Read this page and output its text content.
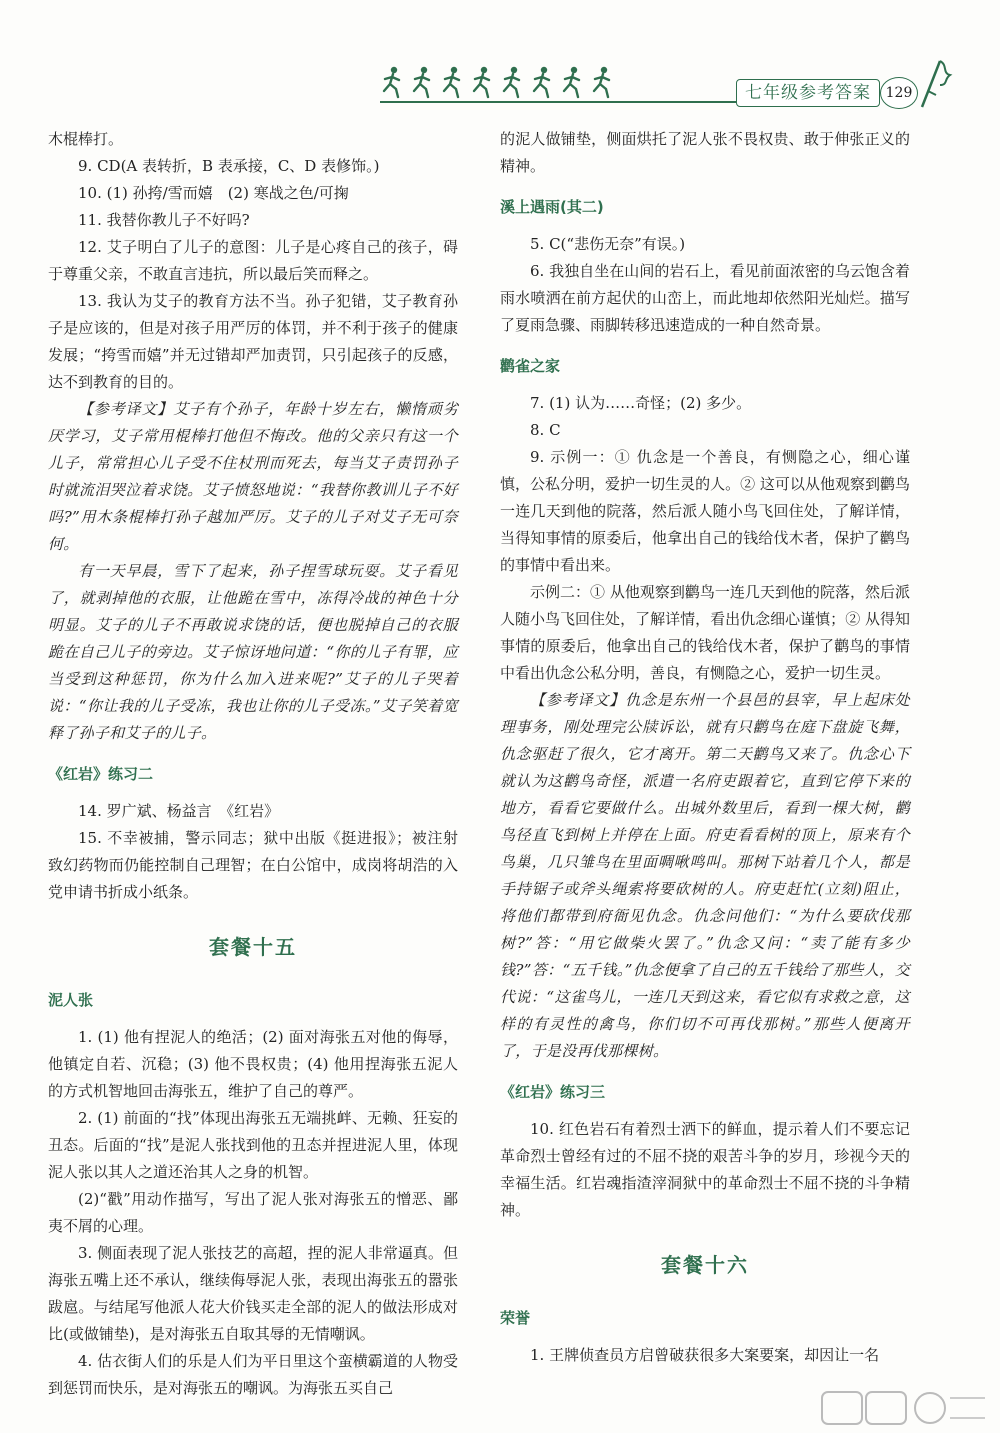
七年级参考答案	129

木棍棒打。

9. CD(A 表转折，B 表承接，C、D 表修饰。)

10. (1) 孙挎/雪而嬉　(2) 寒战之色/可掬

11. 我替你教儿子不好吗?

12. 艾子明白了儿子的意图：儿子是心疼自己的孩子，碍于尊重父亲，不敢直言违抗，所以最后笑而释之。

13. 我认为艾子的教育方法不当。孙子犯错，艾子教育孙子是应该的，但是对孩子用严厉的体罚，并不利于孩子的健康发展；“挎雪而嬉”并无过错却严加责罚，只引起孩子的反感，达不到教育的目的。

【参考译文】艾子有个孙子，年龄十岁左右，懒惰顽劣厌学习，艾子常用棍棒打他但不悔改。他的父亲只有这一个儿子，常常担心儿子受不住杖刑而死去，每当艾子责罚孙子时就流泪哭泣着求饶。艾子愤怒地说：“我替你教训儿子不好吗?”用木条棍棒打孙子越加严厉。艾子的儿子对艾子无可奈何。

有一天早晨，雪下了起来，孙子捏雪球玩耍。艾子看见了，就剥掉他的衣服，让他跪在雪中，冻得冷战的神色十分明显。艾子的儿子不再敢说求饶的话，便也脱掉自己的衣服跪在自己儿子的旁边。艾子惊讶地问道：“你的儿子有罪，应当受到这种惩罚，你为什么加入进来呢?”艾子的儿子哭着说：“你让我的儿子受冻，我也让你的儿子受冻。”艾子笑着宽释了孙子和艾子的儿子。

《红岩》练习二

14. 罗广斌、杨益言　《红岩》

15. 不幸被捕，警示同志；狱中出版《挺进报》；被注射致幻药物而仍能控制自己理智；在白公馆中，成岗将胡浩的入党申请书折成小纸条。

套餐十五
泥人张

1. (1) 他有捏泥人的绝活；(2) 面对海张五对他的侮辱，他镇定自若、沉稳；(3) 他不畏权贵；(4) 他用捏海张五泥人的方式机智地回击海张五，维护了自己的尊严。

2. (1) 前面的“找”体现出海张五无端挑衅、无赖、狂妄的丑态。后面的“找”是泥人张找到他的丑态并捏进泥人里，体现泥人张以其人之道还治其人之身的机智。

(2)“戳”用动作描写，写出了泥人张对海张五的憎恶、鄙夷不屑的心理。

3. 侧面表现了泥人张技艺的高超，捏的泥人非常逼真。但海张五嘴上还不承认，继续侮辱泥人张，表现出海张五的嚣张跋扈。与结尾写他派人花大价钱买走全部的泥人的做法形成对比(或做铺垫)，是对海张五自取其辱的无情嘲讽。

4. 估衣街人们的乐是人们为平日里这个蛮横霸道的人物受到惩罚而快乐，是对海张五的嘲讽。为海张五买自己

的泥人做铺垫，侧面烘托了泥人张不畏权贵、敢于伸张正义的精神。

溪上遇雨(其二)

5. C(“悲伤无奈”有误。)

6. 我独自坐在山间的岩石上，看见前面浓密的乌云饱含着雨水喷洒在前方起伏的山峦上，而此地却依然阳光灿烂。描写了夏雨急骤、雨脚转移迅速造成的一种自然奇景。

鹳雀之家

7. (1) 认为……奇怪；(2) 多少。

8. C

9. 示例一：① 仇念是一个善良，有恻隐之心，细心谨慎，公私分明，爱护一切生灵的人。② 这可以从他观察到鹳鸟一连几天到他的院落，然后派人随小鸟飞回住处，了解详情，当得知事情的原委后，他拿出自己的钱给伐木者，保护了鹳鸟的事情中看出来。

示例二：① 从他观察到鹳鸟一连几天到他的院落，然后派人随小鸟飞回住处，了解详情，看出仇念细心谨慎；② 从得知事情的原委后，他拿出自己的钱给伐木者，保护了鹳鸟的事情中看出仇念公私分明，善良，有恻隐之心，爱护一切生灵。

【参考译文】仇念是东州一个县邑的县宰，早上起床处理事务，刚处理完公牍诉讼，就有只鹳鸟在庭下盘旋飞舞，仇念驱赶了很久，它才离开。第二天鹳鸟又来了。仇念心下就认为这鹳鸟奇怪，派遣一名府吏跟着它，直到它停下来的地方，看看它要做什么。出城外数里后，看到一棵大树，鹳鸟径直飞到树上并停在上面。府吏看看树的顶上，原来有个鸟巢，几只雏鸟在里面啁啾鸣叫。那树下站着几个人，都是手持锯子或斧头绳索将要砍树的人。府吏赶忙(立刻)阻止，将他们都带到府衙见仇念。仇念问他们：“为什么要砍伐那树?”答：“用它做柴火罢了。”仇念又问：“卖了能有多少钱?”答：“五千钱。”仇念便拿了自己的五千钱给了那些人，交代说：“这雀鸟儿，一连几天到这来，看它似有求救之意，这样的有灵性的禽鸟，你们切不可再伐那树。”那些人便离开了，于是没再伐那棵树。

《红岩》练习三

10. 红色岩石有着烈士洒下的鲜血，提示着人们不要忘记革命烈士曾经有过的不屈不挠的艰苦斗争的岁月，珍视今天的幸福生活。红岩魂指渣滓洞狱中的革命烈士不屈不挠的斗争精神。

套餐十六
荣誉

1. 王牌侦查员方启曾破获很多大案要案，却因让一名
